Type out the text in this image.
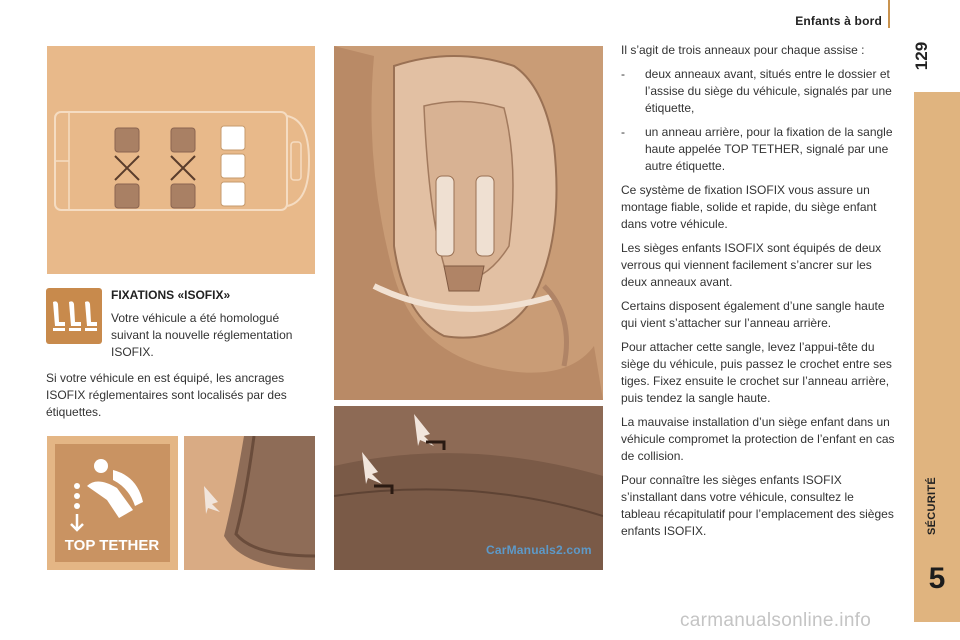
Enfants à bord
129
SÉCURITÉ
5
TOP TETHER
FIXATIONS «ISOFIX»
Votre véhicule a été homologué suivant la nouvelle réglementation ISOFIX.
Si votre véhicule en est équipé, les ancrages ISOFIX réglementaires sont localisés par des étiquettes.

Il s’agit de trois anneaux pour chaque assise :

-	deux anneaux avant, situés entre le dossier et l’assise du siège du véhicule, signalés par une étiquette,
-	un anneau arrière, pour la fixation de la sangle haute appelée TOP TETHER, signalé par une autre étiquette.

Ce système de fixation ISOFIX vous assure un montage fiable, solide et rapide, du siège enfant dans votre véhicule.

Les sièges enfants ISOFIX sont équipés de deux verrous qui viennent facilement s’ancrer sur les deux anneaux avant.

Certains disposent également d’une sangle haute qui vient s’attacher sur l’anneau arrière.

Pour attacher cette sangle, levez l’appui-tête du siège du véhicule, puis passez le crochet entre ses tiges. Fixez ensuite le crochet sur l’anneau arrière, puis tendez la sangle haute.

La mauvaise installation d’un siège enfant dans un véhicule compromet la protection de l’enfant en cas de collision.

Pour connaître les sièges enfants ISOFIX s’installant dans votre véhicule, consultez le tableau récapitulatif pour l’emplacement des sièges enfants ISOFIX.

CarManuals2.com
carmanualsonline.info
